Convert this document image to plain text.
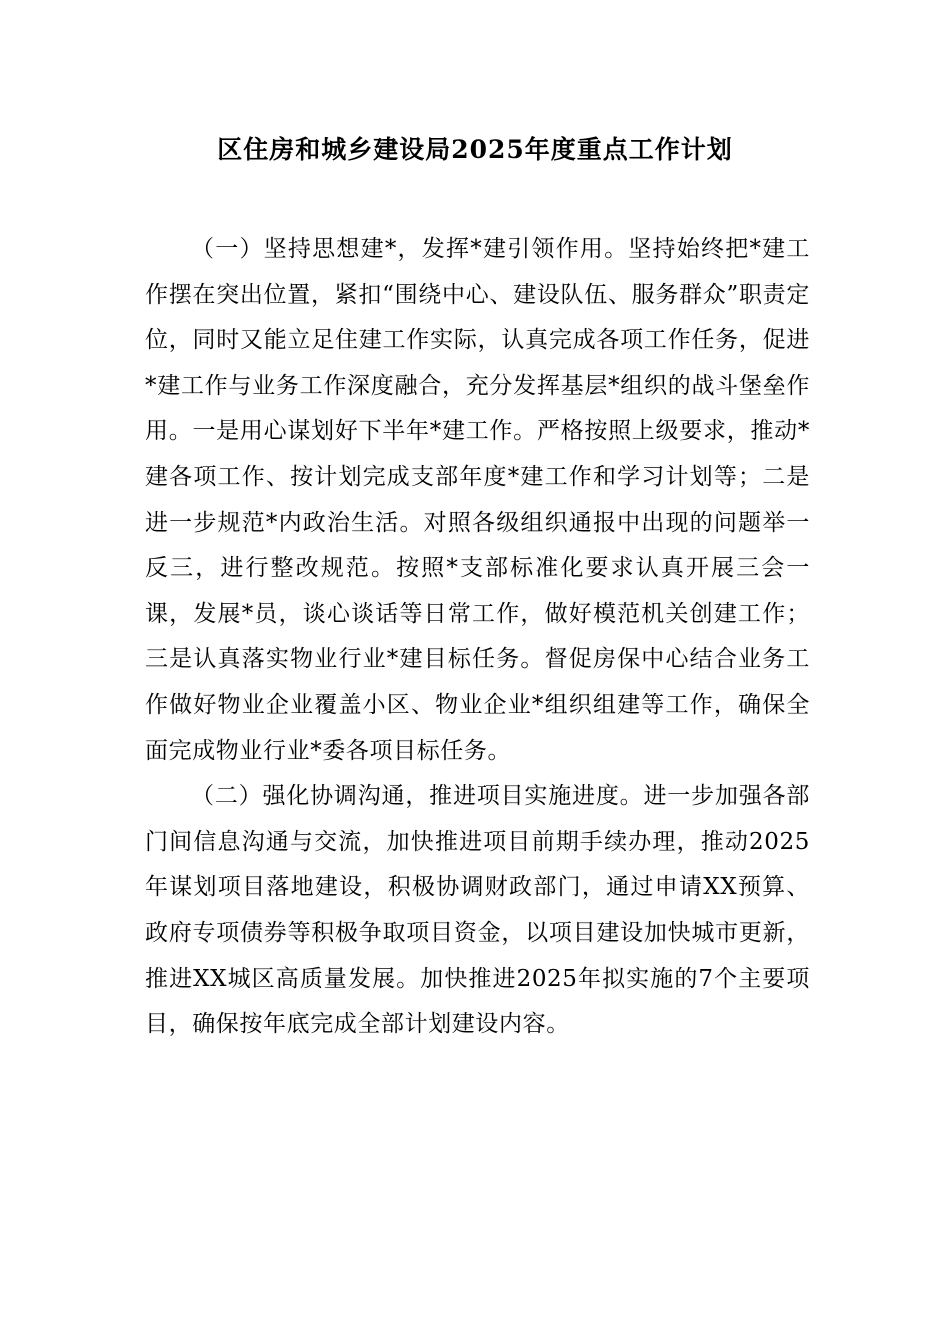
区住房和城乡建设局2025年度重点工作计划

（一）坚持思想建*，发挥*建引领作用。坚持始终把*建工作摆在突出位置，紧扣“围绕中心、建设队伍、服务群众”职责定位，同时又能立足住建工作实际，认真完成各项工作任务，促进*建工作与业务工作深度融合，充分发挥基层*组织的战斗堡垒作用。一是用心谋划好下半年*建工作。严格按照上级要求，推动*建各项工作、按计划完成支部年度*建工作和学习计划等；二是进一步规范*内政治生活。对照各级组织通报中出现的问题举一反三，进行整改规范。按照*支部标准化要求认真开展三会一课，发展*员，谈心谈话等日常工作，做好模范机关创建工作；三是认真落实物业行业*建目标任务。督促房保中心结合业务工作做好物业企业覆盖小区、物业企业*组织组建等工作，确保全面完成物业行业*委各项目标任务。

（二）强化协调沟通，推进项目实施进度。进一步加强各部门间信息沟通与交流，加快推进项目前期手续办理，推动2025年谋划项目落地建设，积极协调财政部门，通过申请XX预算、政府专项债券等积极争取项目资金，以项目建设加快城市更新，推进XX城区高质量发展。加快推进2025年拟实施的7个主要项目，确保按年底完成全部计划建设内容。
